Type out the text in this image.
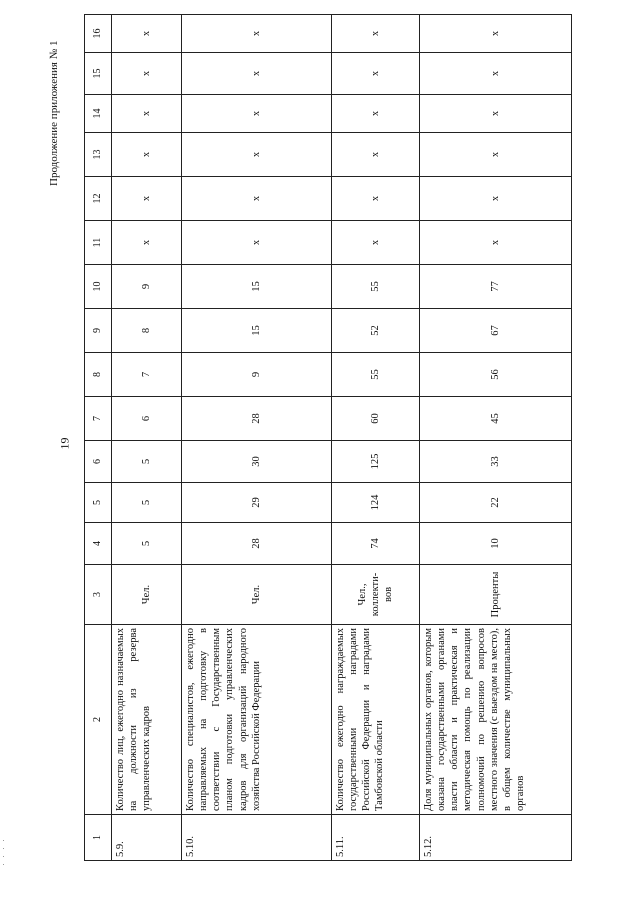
19
Продолжение приложения № 1
1	2	3	4	5	6	7	8	9	10	11	12	13	14	15	16
5.9.	Количество лиц, ежегодно назначаемых на должности из резерва управленческих кадров	Чел.	5	5	5	6	7	8	9	x	x	x	x	x	x
5.10.	Количество специалистов, ежегодно направляемых на подготовку в соответствии с Государственным планом подготовки управленческих кадров для организаций народного хозяйства Российской Федерации	Чел.	28	29	30	28	9	15	15	x	x	x	x	x	x
5.11.	Количество ежегодно награждаемых государственными наградами Российской Федерации и наградами Тамбовской области	Чел., коллекти-вов	74	124	125	60	55	52	55	x	x	x	x	x	x
5.12.	Доля муниципальных органов, которым оказана государственными органами власти области и практическая и методическая помощь по реализации полномочий по решению вопросов местного значения (с выездом на место), в общем количестве муниципальных органов	Проценты	10	22	33	45	56	67	77	x	x	x	x	x	x
